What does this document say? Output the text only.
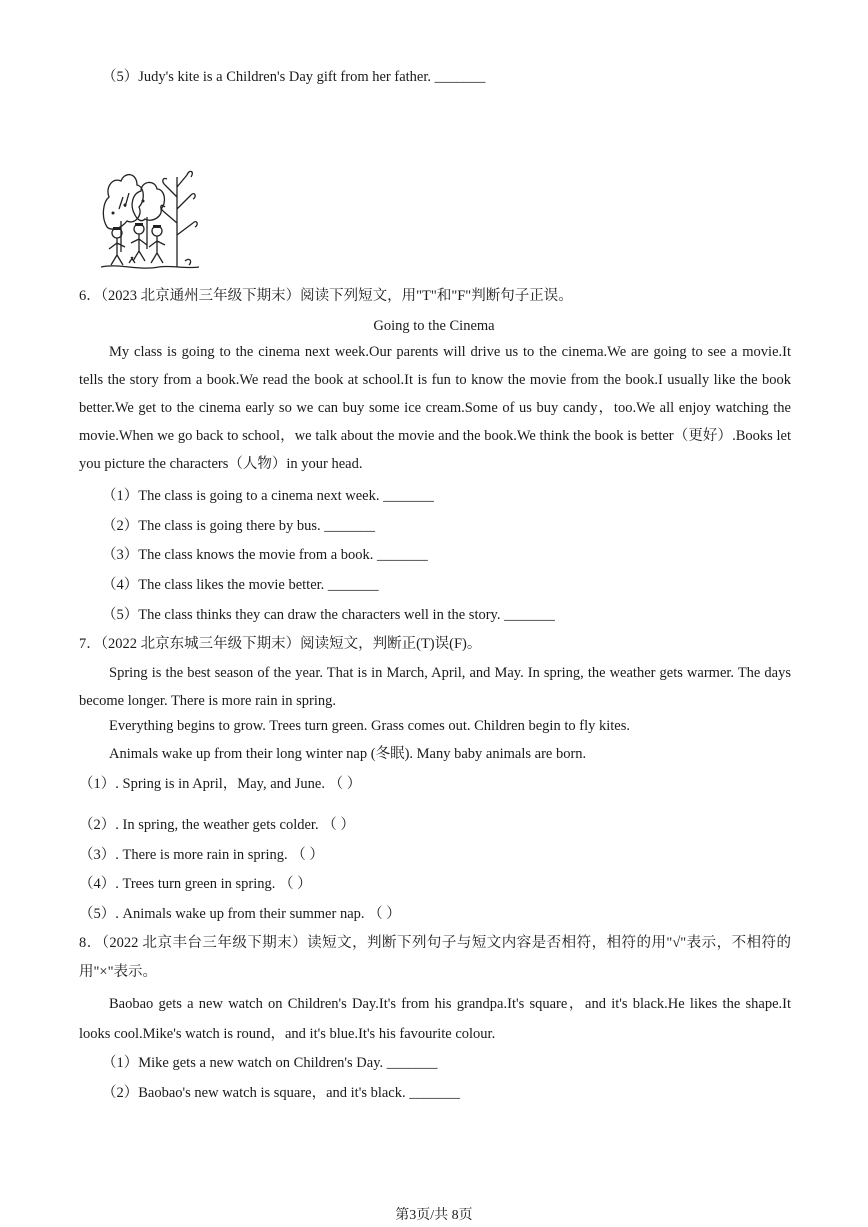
（5）Judy's kite is a Children's Day gift from her father. _______
6．（2023 北京通州三年级下期末）阅读下列短文，用"T"和"F"判断句子正误。
Going to the Cinema
My class is going to the cinema next week.Our parents will drive us to the cinema.We are going to see a movie.It tells the story from a book.We read the book at school.It is fun to know the movie from the book.I usually like the book better.We get to the cinema early so we can buy some ice cream.Some of us buy candy，too.We all enjoy watching the movie.When we go back to school，we talk about the movie and the book.We think the book is better（更好）.Books let you picture the characters（人物）in your head.
（1）The class is going to a cinema next week. _______
（2）The class is going there by bus. _______
（3）The class knows the movie from a book. _______
（4）The class likes the movie better. _______
（5）The class thinks they can draw the characters well in the story. _______
7．（2022 北京东城三年级下期末）阅读短文，判断正(T)误(F)。
Spring is the best season of the year. That is in March, April, and May. In spring, the weather gets warmer. The days become longer. There is more rain in spring.
Everything begins to grow. Trees turn green. Grass comes out. Children begin to fly kites.
Animals wake up from their long winter nap (冬眠). Many baby animals are born.
（1）. Spring is in April，May, and June. （ ）
（2）. In spring, the weather gets colder. （ ）
（3）. There is more rain in spring. （ ）
（4）. Trees turn green in spring. （ ）
（5）. Animals wake up from their summer nap. （ ）
8．（2022 北京丰台三年级下期末）读短文，判断下列句子与短文内容是否相符，相符的用"√"表示，不相符的用"×"表示。
Baobao gets a new watch on Children's Day.It's from his grandpa.It's square，and it's black.He likes the shape.It looks cool.Mike's watch is round，and it's blue.It's his favourite colour.
（1）Mike gets a new watch on Children's Day. _______
（2）Baobao's new watch is square，and it's black. _______
第3页/共 8页
